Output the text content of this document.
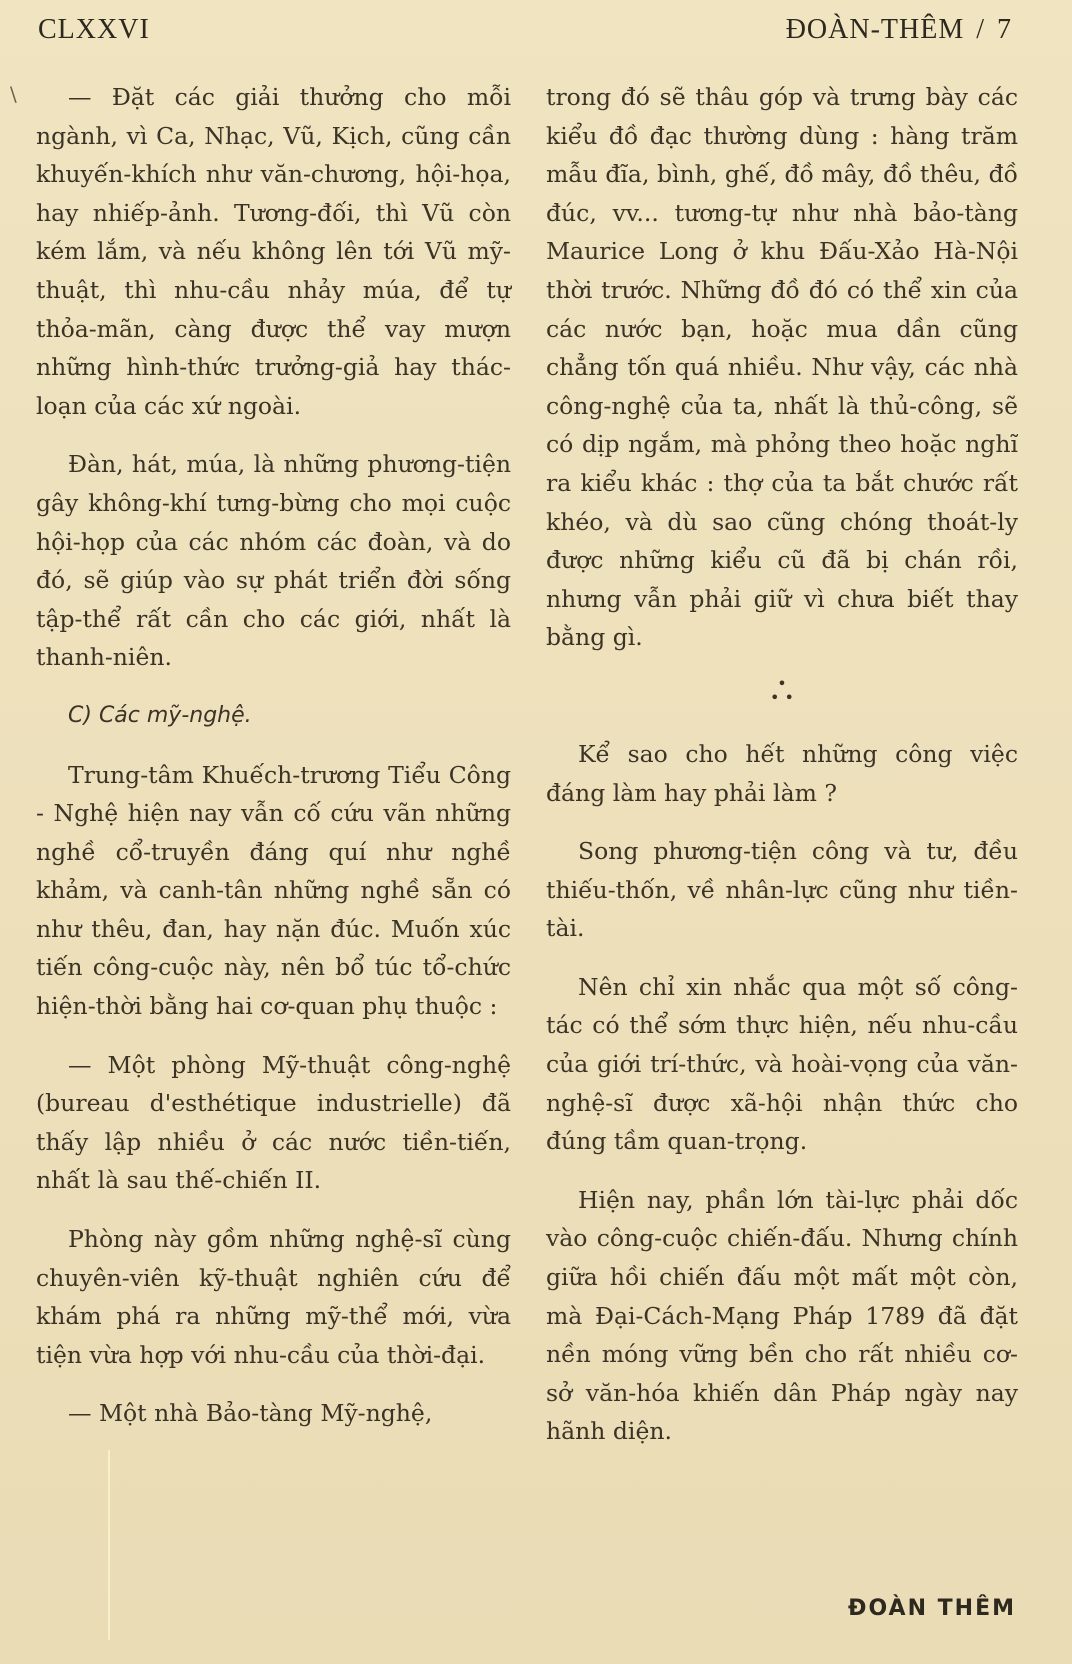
CLXXVI	ĐOÀN-THÊM / 7
\	— Đặt các giải thưởng cho mỗi ngành, vì Ca, Nhạc, Vũ, Kịch, cũng cần khuyến-khích như văn-chương, hội-họa, hay nhiếp-ảnh. Tương-đối, thì Vũ còn kém lắm, và nếu không lên tới Vũ mỹ-thuật, thì nhu-cầu nhảy múa, để tự thỏa-mãn, càng được thể vay mượn những hình-thức trưởng-giả hay thác-loạn của các xứ ngoài.

Đàn, hát, múa, là những phương-tiện gây không-khí tưng-bừng cho mọi cuộc hội-họp của các nhóm các đoàn, và do đó, sẽ giúp vào sự phát triển đời sống tập-thể rất cần cho các giới, nhất là thanh-niên.

C) Các mỹ-nghệ.

Trung-tâm Khuếch-trương Tiểu Công - Nghệ hiện nay vẫn cố cứu vãn những nghề cổ-truyền đáng quí như nghề khảm, và canh-tân những nghề sẵn có như thêu, đan, hay nặn đúc. Muốn xúc tiến công-cuộc này, nên bổ túc tổ-chức hiện-thời bằng hai cơ-quan phụ thuộc :

— Một phòng Mỹ-thuật công-nghệ (bureau d'esthétique industrielle) đã thấy lập nhiều ở các nước tiền-tiến, nhất là sau thế-chiến II.

Phòng này gồm những nghệ-sĩ cùng chuyên-viên kỹ-thuật nghiên cứu để khám phá ra những mỹ-thể mới, vừa tiện vừa hợp với nhu-cầu của thời-đại.

— Một nhà Bảo-tàng Mỹ-nghệ,

trong đó sẽ thâu góp và trưng bày các kiểu đồ đạc thường dùng : hàng trăm mẫu đĩa, bình, ghế, đồ mây, đồ thêu, đồ đúc, vv... tương-tự như nhà bảo-tàng Maurice Long ở khu Đấu-Xảo Hà-Nội thời trước. Những đồ đó có thể xin của các nước bạn, hoặc mua dần cũng chẳng tốn quá nhiều. Như vậy, các nhà công-nghệ của ta, nhất là thủ-công, sẽ có dịp ngắm, mà phỏng theo hoặc nghĩ ra kiểu khác : thợ của ta bắt chước rất khéo, và dù sao cũng chóng thoát-ly được những kiểu cũ đã bị chán rồi, nhưng vẫn phải giữ vì chưa biết thay bằng gì.

•
• •

Kể sao cho hết những công việc đáng làm hay phải làm ?

Song phương-tiện công và tư, đều thiếu-thốn, về nhân-lực cũng như tiền-tài.

Nên chỉ xin nhắc qua một số công-tác có thể sớm thực hiện, nếu nhu-cầu của giới trí-thức, và hoài-vọng của văn-nghệ-sĩ được xã-hội nhận thức cho đúng tầm quan-trọng.

Hiện nay, phần lớn tài-lực phải dốc vào công-cuộc chiến-đấu. Nhưng chính giữa hồi chiến đấu một mất một còn, mà Đại-Cách-Mạng Pháp 1789 đã đặt nền móng vững bền cho rất nhiều cơ-sở văn-hóa khiến dân Pháp ngày nay hãnh diện.

ĐOÀN THÊM
